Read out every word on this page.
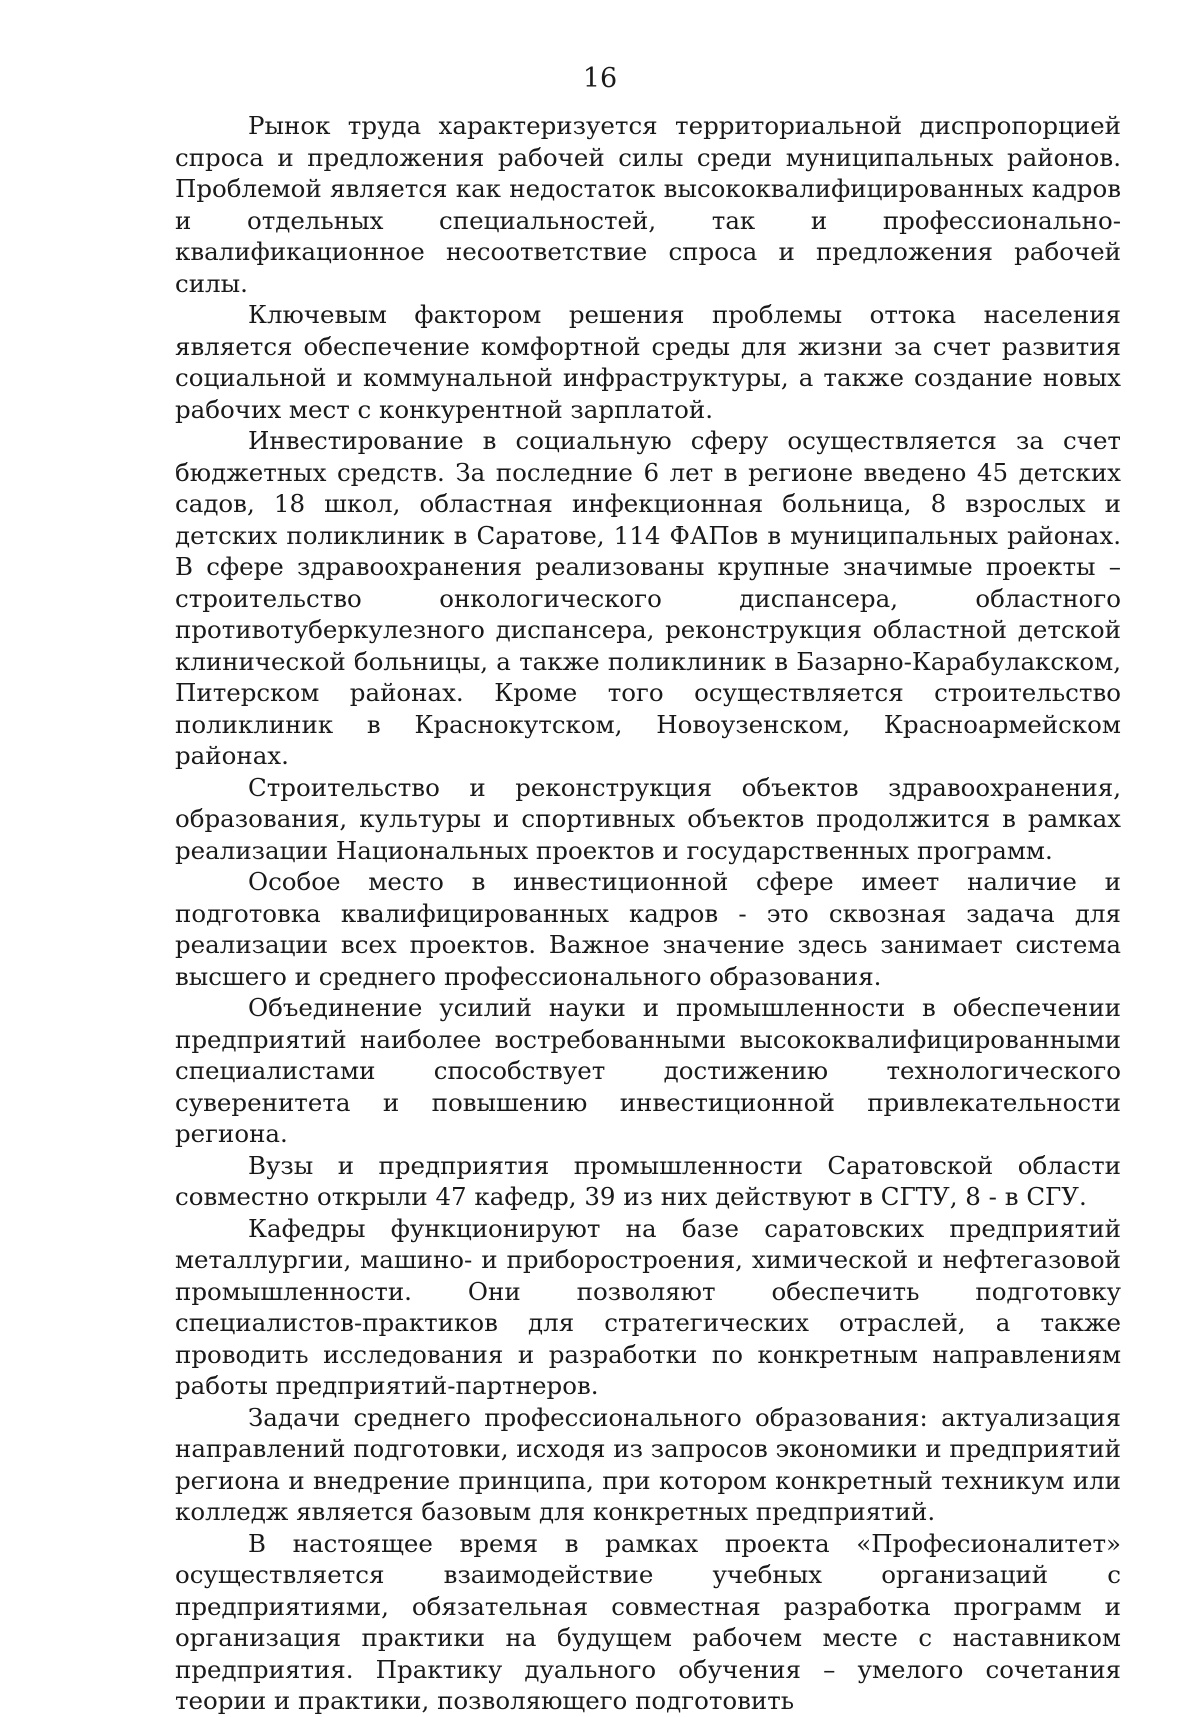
16

Рынок труда характеризуется территориальной диспропорцией спроса и предложения рабочей силы среди муниципальных районов. Проблемой является как недостаток высококвалифицированных кадров и отдельных специальностей, так и профессионально-квалификационное несоответствие спроса и предложения рабочей силы.

Ключевым фактором решения проблемы оттока населения является обеспечение комфортной среды для жизни за счет развития социальной и коммунальной инфраструктуры, а также создание новых рабочих мест с конкурентной зарплатой.

Инвестирование в социальную сферу осуществляется за счет бюджетных средств. За последние 6 лет в регионе введено 45 детских садов, 18 школ, областная инфекционная больница, 8 взрослых и детских поликлиник в Саратове, 114 ФАПов в муниципальных районах. В сфере здравоохранения реализованы крупные значимые проекты – строительство онкологического диспансера, областного противотуберкулезного диспансера, реконструкция областной детской клинической больницы, а также поликлиник в Базарно-Карабулакском, Питерском районах. Кроме того осуществляется строительство поликлиник в Краснокутском, Новоузенском, Красноармейском районах.

Строительство и реконструкция объектов здравоохранения, образования, культуры и спортивных объектов продолжится в рамках реализации Национальных проектов и государственных программ.

Особое место в инвестиционной сфере имеет наличие и подготовка квалифицированных кадров - это сквозная задача для реализации всех проектов. Важное значение здесь занимает система высшего и среднего профессионального образования.

Объединение усилий науки и промышленности в обеспечении предприятий наиболее востребованными высококвалифицированными специалистами способствует достижению технологического суверенитета и повышению инвестиционной привлекательности региона.

Вузы и предприятия промышленности Саратовской области совместно открыли 47 кафедр, 39 из них действуют в СГТУ, 8 - в СГУ.

Кафедры функционируют на базе саратовских предприятий металлургии, машино- и приборостроения, химической и нефтегазовой промышленности. Они позволяют обеспечить подготовку специалистов-практиков для стратегических отраслей, а также проводить исследования и разработки по конкретным направлениям работы предприятий-партнеров.

Задачи среднего профессионального образования: актуализация направлений подготовки, исходя из запросов экономики и предприятий региона и внедрение принципа, при котором конкретный техникум или колледж является базовым для конкретных предприятий.

В настоящее время в рамках проекта «Професионалитет» осуществляется взаимодействие учебных организаций с предприятиями, обязательная совместная разработка программ и организация практики на будущем рабочем месте с наставником предприятия. Практику дуального обучения – умелого сочетания теории и практики, позволяющего подготовить
